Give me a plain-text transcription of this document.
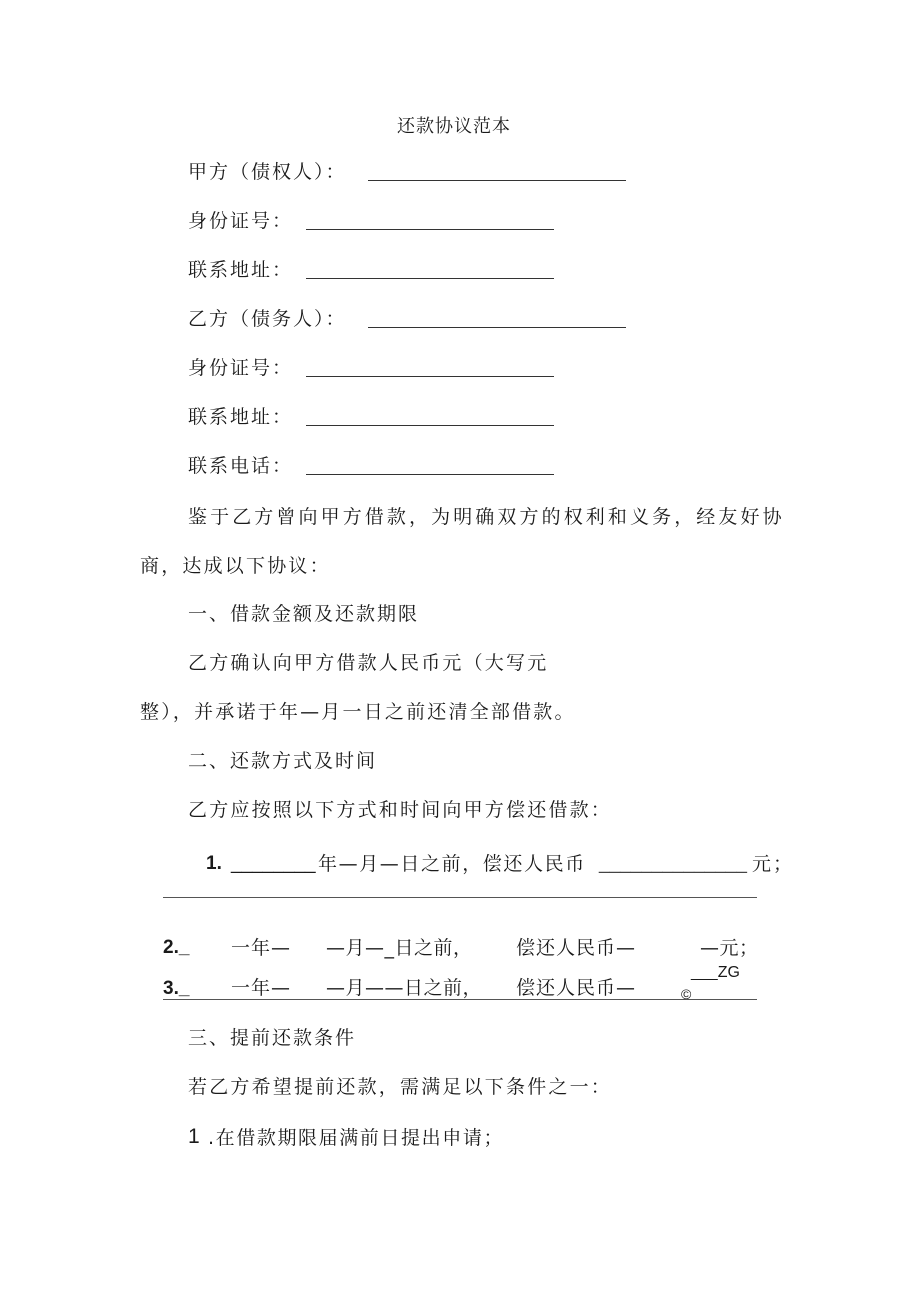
还款协议范本
甲方（债权人）：
身份证号：
联系地址：
乙方（债务人）：
身份证号：
联系地址：
联系电话：
鉴于乙方曾向甲方借款，为明确双方的权利和义务，经友好协
商，达成以下协议：
一、借款金额及还款期限
乙方确认向甲方借款人民币元（大写元
整），并承诺于年—月一日之前还清全部借款。
二、还款方式及时间
乙方应按照以下方式和时间向甲方偿还借款：
1. ________ 年—月—日之前，偿还人民币 ______________ 元；
2._ 一年— —月—_日之前， 偿还人民币—	—元；
3._ 一年— —月——日之前， 偿还人民币—
___ZG
©
三、提前还款条件
若乙方希望提前还款，需满足以下条件之一：
1 .在借款期限届满前日提出申请；
